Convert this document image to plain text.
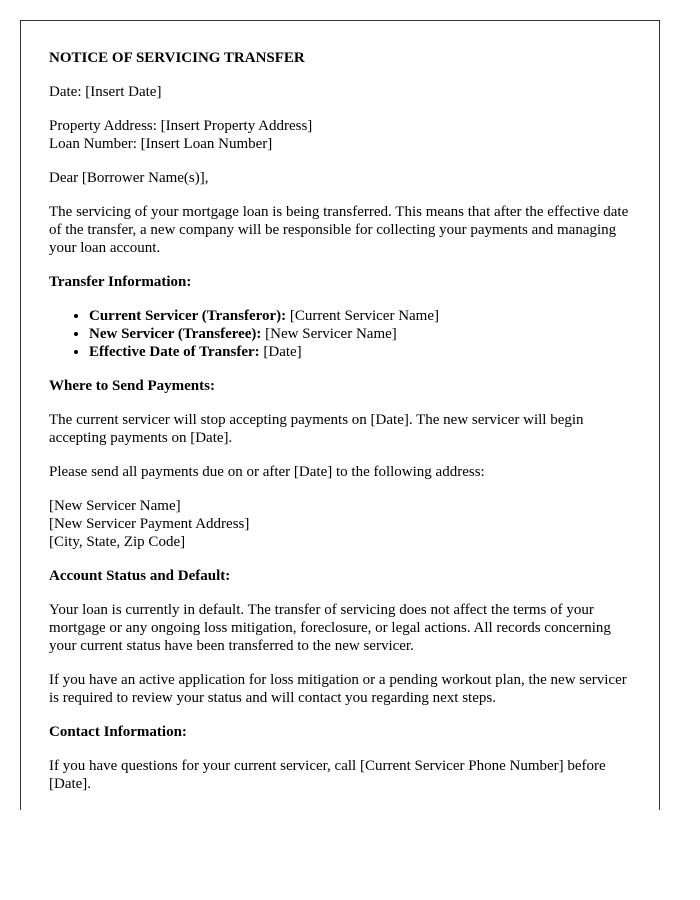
NOTICE OF SERVICING TRANSFER

Date: [Insert Date]

Property Address: [Insert Property Address]
Loan Number: [Insert Loan Number]

Dear [Borrower Name(s)],

The servicing of your mortgage loan is being transferred. This means that after the effective date of the transfer, a new company will be responsible for collecting your payments and managing your loan account.

Transfer Information:

• Current Servicer (Transferor): [Current Servicer Name]
• New Servicer (Transferee): [New Servicer Name]
• Effective Date of Transfer: [Date]

Where to Send Payments:

The current servicer will stop accepting payments on [Date]. The new servicer will begin accepting payments on [Date].

Please send all payments due on or after [Date] to the following address:

[New Servicer Name]
[New Servicer Payment Address]
[City, State, Zip Code]

Account Status and Default:

Your loan is currently in default. The transfer of servicing does not affect the terms of your mortgage or any ongoing loss mitigation, foreclosure, or legal actions. All records concerning your current status have been transferred to the new servicer.

If you have an active application for loss mitigation or a pending workout plan, the new servicer is required to review your status and will contact you regarding next steps.

Contact Information:

If you have questions for your current servicer, call [Current Servicer Phone Number] before [Date].
